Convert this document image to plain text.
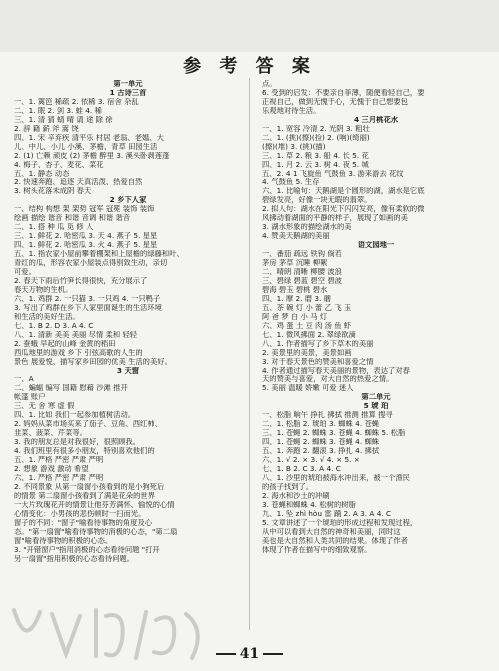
参 考 答 案
第一单元
1 古诗三首
一、1. 篱笆 稀疏 2. 依稀 3. 宿舍 杂乱
二、1. 眠 2. 剑 3. 蛙 4. 稀
三、1. 清 猜 蜻 晴 请 途 除 徐
2. 辞 籍 薪 斧 篙 饶
四、1. 宋 辛弃疾 清平乐 村居 老翁、老媪、大
儿、中儿、小儿 小溪、茅檐、青草 田园生活
2. (1) 亡赖 顽皮 (2) 茅檐 醉里 3. 溪头卧剥莲蓬
4. 梅子、杏子、麦花、菜花
五、1. 静态 动态
2. 快速奔跑、追逐 天真活泼、热爱自然
3. 树头花落未成阴 春天
2 乡下人家
一、结构 构想 架 架势 冠军 冠冕 装饰 装饰
绘画 描绘 谐音 和谐 音调 和谐 谐音
二、1. 搭 种 瓜 觅 修 人
三、1. 鲜花 2. 哈密瓜 3. 天 4. 燕子 5. 星星
四、1. 鲜花 2. 哈密瓜 3. 火 4. 燕子 5. 星星
五、1. 指农家小屋前攀着棚架和上屋檐的绿藤和叶、
青红的瓜，形容农家小屋装点得别致生动，亲切
可爱。
2. 春天下雨后竹笋长得很快，充分展示了
春天万物的生机。
六、1. 鸡群 2. 一只猫 3. 一只鸡 4. 一只鸭子
3. 写出了鸡群在乡下人家里面诞生的生活环境
和生活的美好生活。
七、1. B 2. D 3. A 4. C
八、1. 清新 美美 美丽 尽情 柔和 轻轻
2. 蚕蛾 早起的山峰 金黄的稻田
西瓜地里的游戏 乡下 引弦高歌的人生的
景色 展爱悦、描写家乡田园的优美 生活的美好。
3 天窗
一、A
二、蝙蝠 编写 国籍 慰藉 沙滩 推开
帐篷 账户
三、无 舍 寒 虚 假
四、1. 比如 我们一起参加植树活动。
2. 妈妈从菜市场买来了茄子、豆角、西红柿、
韭菜、菠菜、芹菜等。
3. 我的朋友总是对我很好，很照顾我。
4. 我们班里有很多小朋友，特别喜欢他们的
五、1. 严格 严密 严肃 严明
2. 想象 游戏 激动 希望
六、1. 严格 严密 严肃 严明
2. 不同景象 从第一扇窗小孩看到的是小狗死后
的情景 第二扇窗小孩看到了满是花朵的世界
一大片玫瑰花开的情景让他芬芳满怀、愉悦的心情
心情变化：小男孩的悲伤顿时一扫而光。
窗子的不同："窗子"喻看待事物的角度及心
态。"第一扇窗"喻看待事物的消极的心态，"第二扇
窗"喻看待事物的积极的心态。
3. "开错窗户"指用消极的心态看待问题 "打开
另一扇窗"指用积极的心态看待问题。
点。
6. 受到的启发：不要亲自菲薄，随便看轻自己，要
正视自己，做到无愧于心，无愧于自己想要包
乐观地对待生活。
4 三月桃花水
一、1. 宽容 冷清 2. 光阴 3. 粗壮
二、1. (挑)(擦)(捡) 2. (响)(绮丽)
(擦)(堆) 3. (挑)(描)
三、1. 草 2. 粮 3. 船 4. 长 5. 花
四、1. 月 2. 云 3. 树 4. 夜 5. 城
五、2. 4 1 飞旋鱼 气鼓鱼 3. 游来游去 花纹
4. 气鼓鱼 5. 生存
六、1. 比喻句：天鹅湖是个圆形的湖，湖水是它底
碧绿发亮，好像一块无暇的翡翠。
2. 拟人句：湖水在阳光下闪闪发亮，像有柔软的微
风拂动着湖面的平静的样子，展现了如画的美
3. 湖水形象的描绘湖水的美
4. 赞美天鹅湖的美丽
语文园地一
一、番茄 疏远 铁钩 倘若
茅房 茅草 沉睡 柳絮
二、晴朗 清晰 柳腰 波浪
三、碧绿 碧蓝 碧空 碧波
碧海 碧玉 碧桃 碧水
四、1. 摩 2. 磨 3. 蘑
五、茶 碗 灯 小 蕾 乙 飞 玉
阿 爸 梦 白 小 马 灯
六、鸡 蛋 土 豆 肉 汤 鱼 虾
七、1. 微风拂面 2. 翠绿欲滴
八、1. 作者描写了乡下草木的美丽
2. 美景里的美景，美景如画
3. 对于春天景色的赞美和喜爱之情
4. 作者通过描写春天美丽的景物，表达了对春
天的赞美与喜爱，对大自然的热爱之情。
5. 美丽 温暖 娇嫩 可爱 迷人
第二单元
5 琥 珀
一、松脂 晌午 挣扎 拂拭 推测 推算 搜寻
二、1. 松脂 2. 琥珀 3. 蜘蛛 4. 苍蝇
三、1. 苍蝇 2. 蜘蛛 3. 苍蝇 4. 蜘蛛 5. 松脂
四、1. 苍蝇 2. 蜘蛛 3. 苍蝇 4. 蜘蛛
五、1. 奔跑 2. 翻滚 3. 挣扎 4. 拂拭
六、1. √ 2. × 3. √ 4. × 5. ×
七、1. B 2. C 3. A 4. C
八、1. 沙里的琥珀被海水冲出来，被一个渔民
的孩子找到了。
2. 海水和沙土的冲刷
3. 苍蝇和蜘蛛 4. 松树的树脂
九、1. 坠 zhì hòu 雷 踊 2. A 3. A 4. C
5. 文章讲述了一个琥珀的形成过程和发现过程，
从中可以看到大自然的神奇和美丽，同时这
美也是大自然和人类共同的结果。体现了作者
体现了作者在描写中的细致观察。
41
